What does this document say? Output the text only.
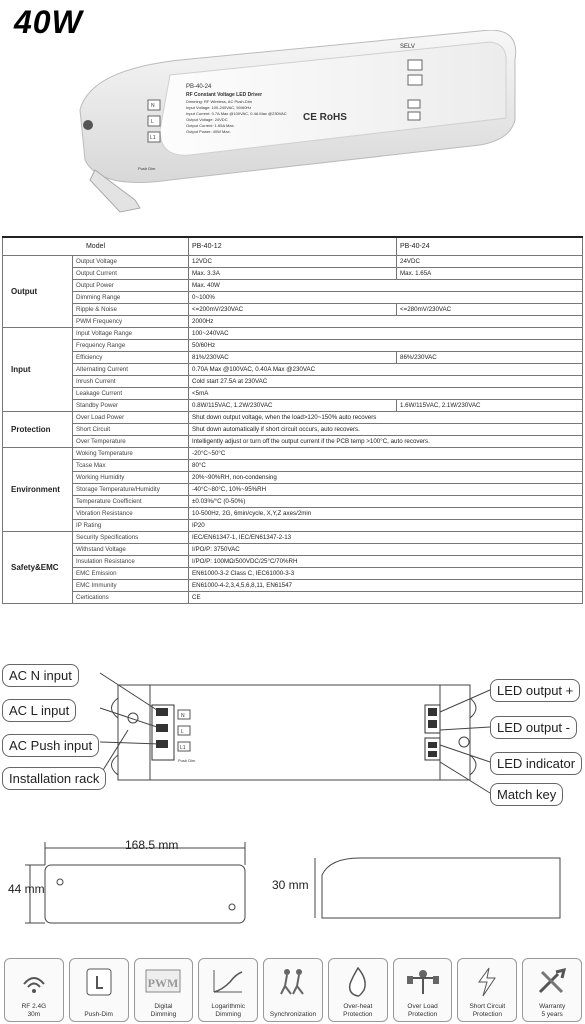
40W
PB-40-24
RF Constant Voltage LED Driver
Dimming: RF Wireless, AC Push-Dim
Input Voltage: 100-240VAC, 50/60Hz
Input Current: 0.7A Max @100VAC, 0.4A Max @230VAC
Output Voltage: 24VDC
Output Current: 1.65A Max.
Output Power: 40W Max.
SELV
CE RoHS
Push Dim
N
L
L1
Model		PB-40-12	PB-40-24
Output	Output Voltage	12VDC	24VDC
	Output Current	Max. 3.3A	Max. 1.65A
	Output Power	Max. 40W	
	Dimming Range	0~100%	
	Ripple & Noise	<=200mV/230VAC	<=280mV/230VAC
	PWM Frequency	2000Hz	
Input	Input Voltage Range	100~240VAC	
	Frequency Range	50/60Hz	
	Efficiency	81%/230VAC	86%/230VAC
	Alternating Current	0.70A Max @100VAC, 0.40A Max @230VAC	
	Inrush Current	Cold start 27.5A at 230VAC	
	Leakage Current	<5mA	
	Standby Power	0.8W/115VAC, 1.2W/230VAC	1.6W/115VAC, 2.1W/230VAC
Protection	Over Load Power	Shut down output voltage, when the load>120~150% auto recovers	
	Short Circuit	Shut down automatically if short circuit occurs, auto recovers.	
	Over Temperature	Intelligently adjust or turn off the output current if the PCB temp >100°C, auto recovers.	
Environment	Woking Temperature	-20°C~50°C	
	Tcase Max	80°C	
	Working Humidity	20%~90%RH, non-condensing	
	Storage Temperature/Humidity	-40°C~80°C, 10%~95%RH	
	Temperature Coefficient	±0.03%/°C (0-50%)	
	Vibration Resistance	10-500Hz, 2G, 6min/cycle, X,Y,Z axes/2min	
	IP Rating	IP20	
Safety&EMC	Security Specifications	IEC/EN61347-1, IEC/EN61347-2-13	
	Withstand Voltage	I/PO/P: 3750VAC	
	Insulation Resistance	I/PO/P: 100MΩ/500VDC/25°C/70%RH	
	EMC Emission	EN61000-3-2 Class C, IEC61000-3-3	
	EMC Immunity	EN61000-4-2,3,4,5,6,8,11, EN61547	
	Certications	CE	
N
L
L1
Push Dim
AC N input
AC L input
AC Push input
Installation rack
LED output +
LED output -
LED indicator
Match key
168.5 mm
44 mm	30 mm
RF 2.4G
30m	Push-Dim
PWM
Digital
Dimming
Logarithmic
Dimming	Synchronization
Over-heat
Protection
Over Load
Protection
Short Circuit
Protection
Warranty
5 years
